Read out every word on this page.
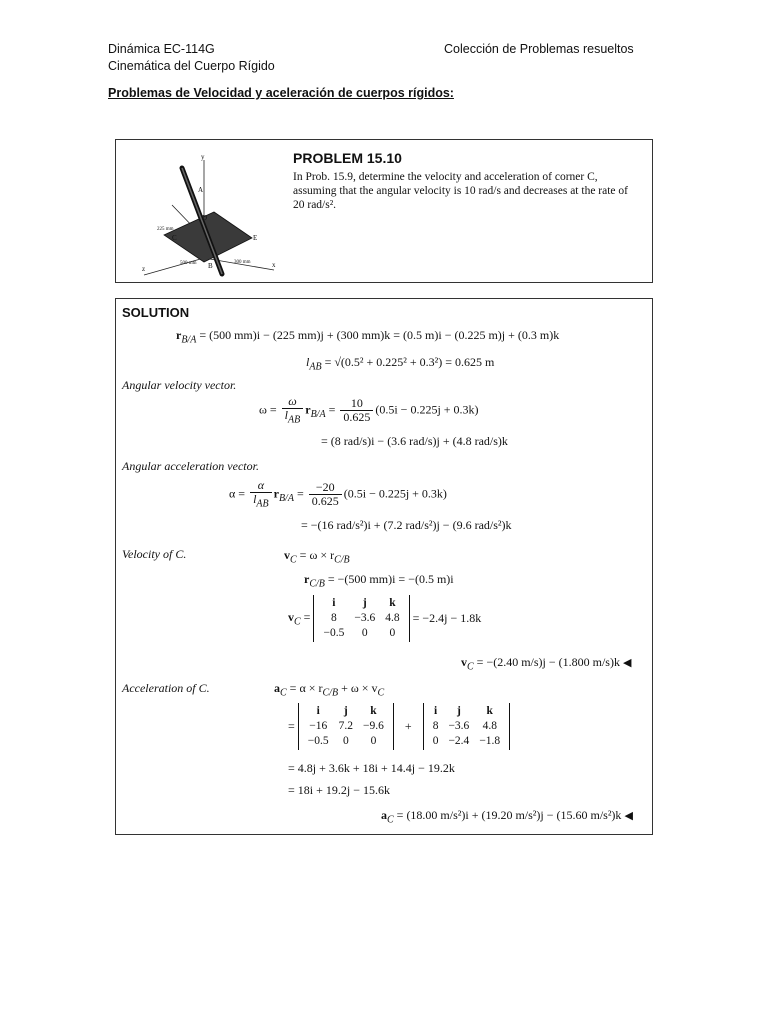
Dinámica EC-114G
Cinemática del Cuerpo Rígido
Colección de Problemas resueltos
Problemas de Velocidad y aceleración de cuerpos rígidos:
y
A
D
C	E
B
z	x
225 mm
500 mm	300 mm
PROBLEM 15.10
In Prob. 15.9, determine the velocity and acceleration of corner C,
assuming that the angular velocity is 10 rad/s and decreases at the rate of
20 rad/s².
SOLUTION
$r_{B/A} = (500$ mm)i − (225 mm)j + (300 mm)k = (0.5 m)i − (0.225 m)j + (0.3 m)k
$l_{AB} = √(0.5^2 + 0.225^2 + 0.3^2) = 0.625$ m
Angular velocity vector.
$\omega = \frac{\omega}{l_{AB}} r_{B/A} = \frac{10}{0.625} (0.5i - 0.225j + 0.3k)$
= (8 rad/s)i − (3.6 rad/s)j + (4.8 rad/s)k
Angular acceleration vector.
$\alpha = \frac{\alpha}{l_{AB}} r_{B/A} = \frac{-20}{0.625} (0.5i - 0.225j + 0.3k)$
= −(16 rad/s²)i + (7.2 rad/s²)j − (9.6 rad/s²)k
Velocity of C.	$v_C = \omega \times r_{C/B}$
$r_{C/B} = -(500$ mm)i = −(0.5 m)i
$v_C$ =
i	j	k
8	−3.6	4.8
−0.5	0	0
= −2.4j − 1.8k
$v_C = -(2.40$ m/s)j − (1.800 m/s)k ◀
Acceleration of C.	$a_C = \alpha \times r_{C/B} + \omega \times v_C$
=
i	j	k
−16	7.2	−9.6
−0.5	0	0
+
i	j	k
8	−3.6	4.8
0	−2.4	−1.8
= 4.8j + 3.6k + 18i + 14.4j − 19.2k
= 18i + 19.2j − 15.6k
$a_C = (18.00$ m/s²)i + (19.20 m/s²)j − (15.60 m/s²)k ◀
